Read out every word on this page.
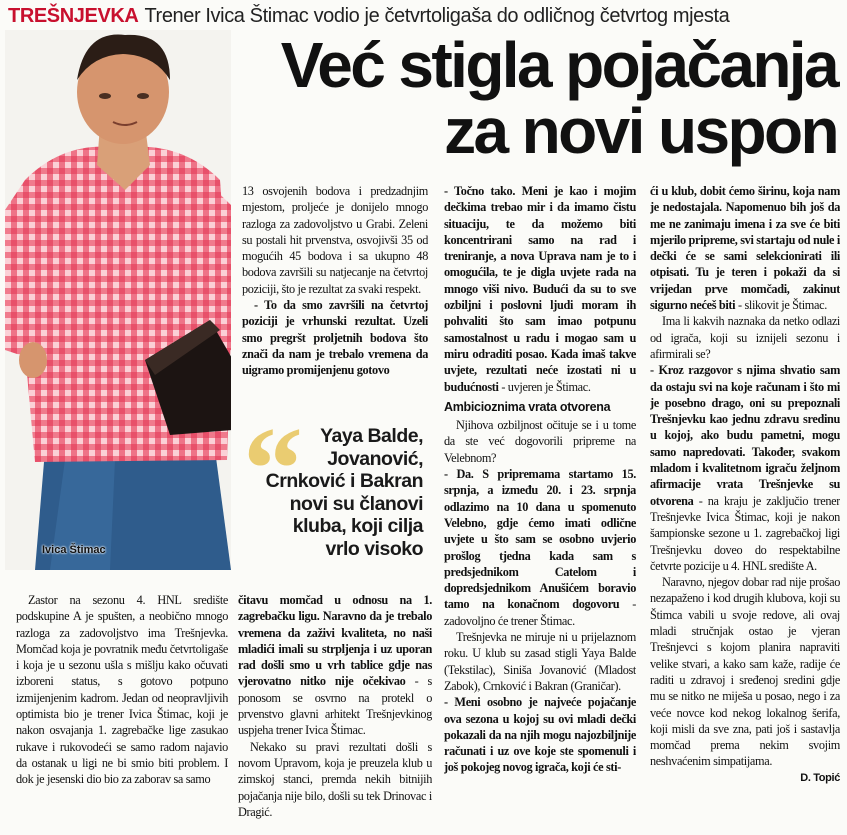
TREŠNJEVKA Trener Ivica Štimac vodio je četvrtoligaša do odličnog četvrtog mjesta
Već stigla pojačanja
za novi uspon
Ivica Štimac

13 osvojenih bodova i predzadnjim mjestom, proljeće je donijelo mnogo razloga za zadovoljstvo u Grabi. Zeleni su postali hit prvenstva, osvojivši 35 od mogućih 45 bodova i sa ukupno 48 bodova završili su natjecanje na četvrtoj poziciji, što je rezultat za svaki respekt.

- To da smo završili na četvrtoj poziciji je vrhunski rezultat. Uzeli smo pregršt proljetnih bodova što znači da nam je trebalo vremena da uigramo promijenjenu gotovo

“ Yaya Balde,
Jovanović,
Crnković i Bakran
novi su članovi
kluba, koji cilja
vrlo visoko

Zastor na sezonu 4. HNL središte podskupine A je spušten, a neobično mnogo razloga za zadovoljstvo ima Trešnjevka. Momčad koja je povratnik među četvrtoligaše i koja je u sezonu ušla s mišlju kako očuvati izboreni status, s gotovo potpuno izmijenjenim kadrom. Jedan od neopravljivih optimista bio je trener Ivica Štimac, koji je nakon osvajanja 1. zagrebačke lige zasukao rukave i rukovodeći se samo radom najavio da ostanak u ligi ne bi smio biti problem. I dok je jesenski dio bio za zaborav sa samo

čitavu momčad u odnosu na 1. zagrebačku ligu. Naravno da je trebalo vremena da zaživi kvaliteta, no naši mladići imali su strpljenja i uz uporan rad došli smo u vrh tablice gdje nas vjerovatno nitko nije očekivao - s ponosom se osvrno na protekl o prvenstvo glavni arhitekt Trešnjevkinog uspjeha trener Ivica Štimac.

Nekako su pravi rezultati došli s novom Upravom, koja je preuzela klub u zimskoj stanci, premda nekih bitnijih pojačanja nije bilo, došli su tek Drinovac i Dragić.

- Točno tako. Meni je kao i mojim dečkima trebao mir i da imamo čistu situaciju, te da možemo biti koncentrirani samo na rad i treniranje, a nova Uprava nam je to i omogućila, te je digla uvjete rada na mnogo viši nivo. Budući da su to sve ozbiljni i poslovni ljudi moram ih pohvaliti što sam imao potpunu samostalnost u radu i mogao sam u miru odraditi posao. Kada imaš takve uvjete, rezultati neće izostati ni u budućnosti - uvjeren je Štimac.

Ambicioznima vrata otvorena

Njihova ozbiljnost očituje se i u tome da ste već dogovorili pripreme na Velebnom?

- Da. S pripremama startamo 15. srpnja, a između 20. i 23. srpnja odlazimo na 10 dana u spomenuto Velebno, gdje ćemo imati odlične uvjete u što sam se osobno uvjerio prošlog tjedna kada sam s predsjednikom Catelom i dopredsjednikom Anušićem boravio tamo na konačnom dogovoru - zadovoljno će trener Štimac.

Trešnjevka ne miruje ni u prijelaznom roku. U klub su zasad stigli Yaya Balde (Tekstilac), Siniša Jovanović (Mladost Zabok), Crnković i Bakran (Graničar).

- Meni osobno je najveće pojačanje ova sezona u kojoj su ovi mladi dečki pokazali da na njih mogu najozbiljnije računati i uz ove koje ste spomenuli i još pokojeg novog igrača, koji će sti-

ći u klub, dobit ćemo širinu, koja nam je nedostajala. Napomenuo bih još da me ne zanimaju imena i za sve će biti mjerilo pripreme, svi startaju od nule i dečki će se sami selekcionirati ili otpisati. Tu je teren i pokaži da si vrijedan prve momčadi, zakinut sigurno nećeš biti - slikovit je Štimac.

Ima li kakvih naznaka da netko odlazi od igrača, koji su iznijeli sezonu i afirmirali se?

- Kroz razgovor s njima shvatio sam da ostaju svi na koje računam i što mi je posebno drago, oni su prepoznali Trešnjevku kao jednu zdravu sredinu u kojoj, ako budu pametni, mogu samo napredovati. Također, svakom mladom i kvalitetnom igraču željnom afirmacije vrata Trešnjevke su otvorena - na kraju je zaključio trener Trešnjevke Ivica Štimac, koji je nakon šampionske sezone u 1. zagrebačkoj ligi Trešnjevku doveo do respektabilne četvrte pozicije u 4. HNL središte A.

Naravno, njegov dobar rad nije prošao nezapaženo i kod drugih klubova, koji su Štimca vabili u svoje redove, ali ovaj mladi stručnjak ostao je vjeran Trešnjevci s kojom planira napraviti velike stvari, a kako sam kaže, radije će raditi u zdravoj i sređenoj sredini gdje mu se nitko ne miješa u posao, nego i za veće novce kod nekog lokalnog šerifa, koji misli da sve zna, pati još i sastavlja momčad prema nekim svojim neshvaćenim simpatijama.

D. Topić
